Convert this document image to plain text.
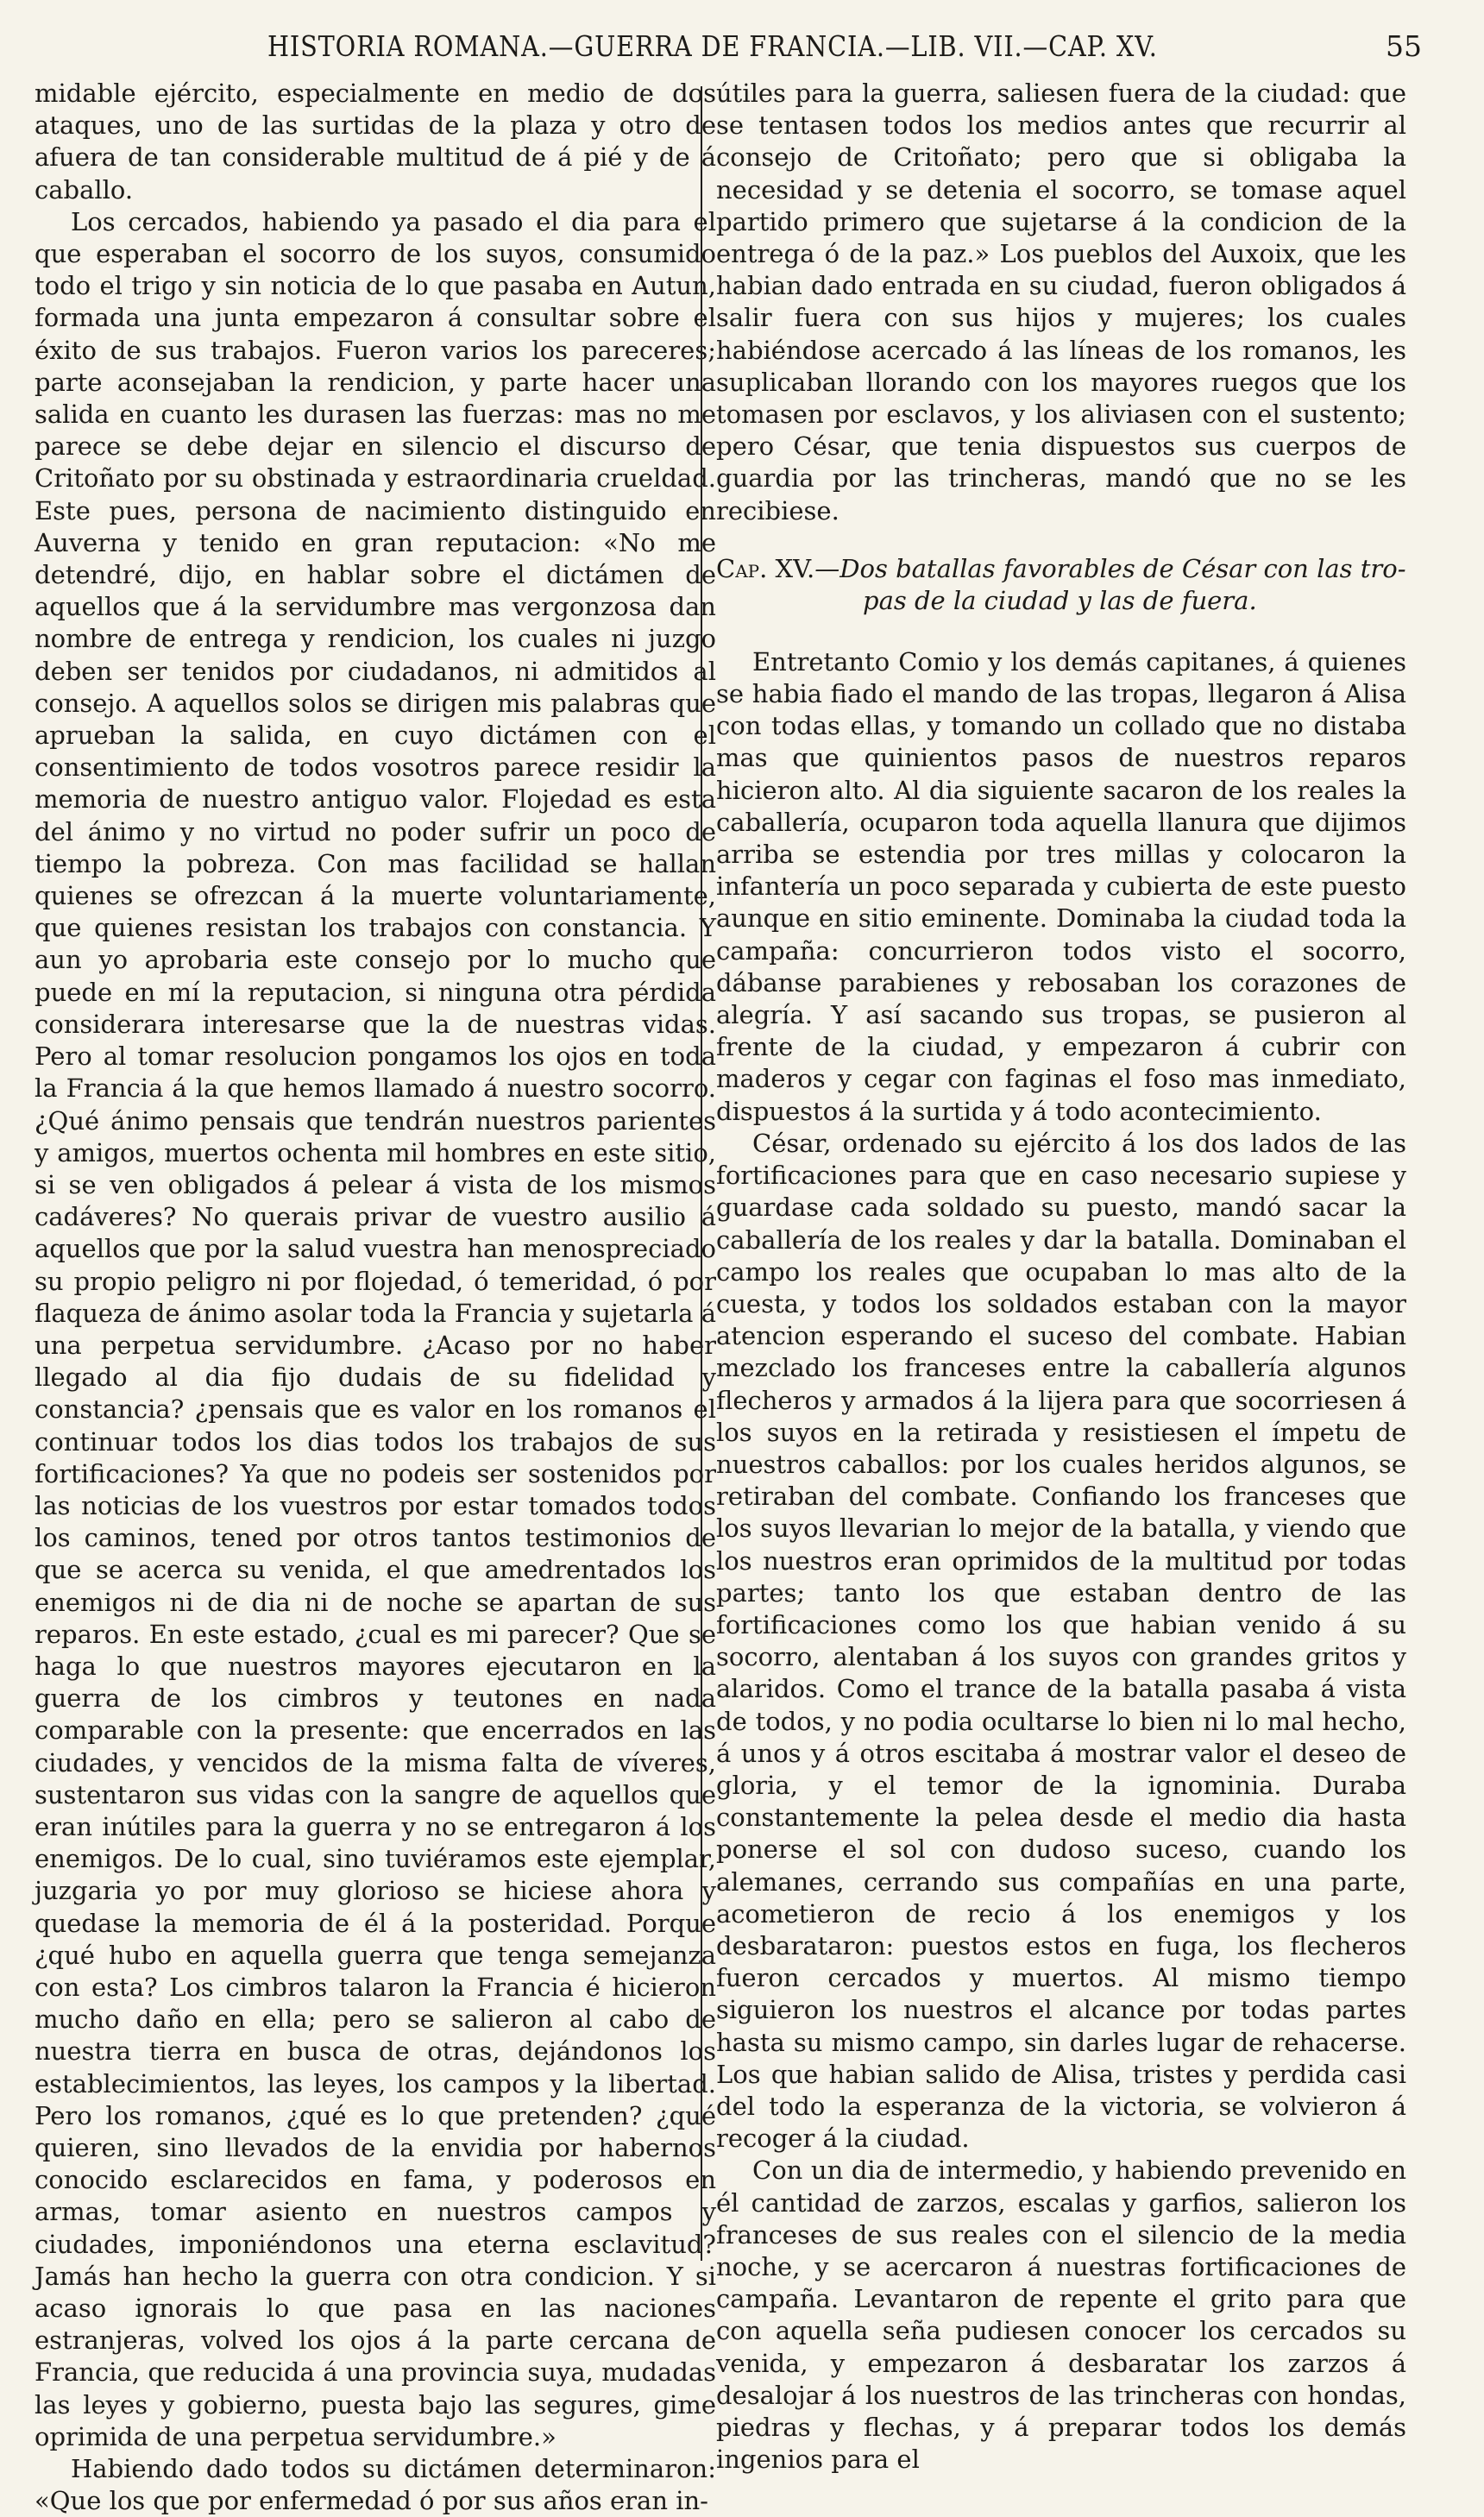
HISTORIA ROMANA.—GUERRA DE FRANCIA.—LIB. VII.—CAP. XV.	55

midable ejército, especialmente en medio de dos ataques, uno de las surtidas de la plaza y otro de afuera de tan considerable multitud de á pié y de á caballo.

Los cercados, habiendo ya pasado el dia para el que esperaban el socorro de los suyos, consumido todo el trigo y sin noticia de lo que pasaba en Autun, formada una junta empezaron á consultar sobre el éxito de sus trabajos. Fueron varios los pareceres; parte aconsejaban la rendicion, y parte hacer una salida en cuanto les durasen las fuerzas: mas no me parece se debe dejar en silencio el discurso de Critoñato por su obstinada y estraordinaria crueldad. Este pues, persona de nacimiento distinguido en Auverna y tenido en gran reputacion: «No me detendré, dijo, en hablar sobre el dictámen de aquellos que á la servidumbre mas vergonzosa dan nombre de entrega y rendicion, los cuales ni juzgo deben ser tenidos por ciudadanos, ni admitidos al consejo. A aquellos solos se dirigen mis palabras que aprueban la salida, en cuyo dictámen con el consentimiento de todos vosotros parece residir la memoria de nuestro antiguo valor. Flojedad es esta del ánimo y no virtud no poder sufrir un poco de tiempo la pobreza. Con mas facilidad se hallan quienes se ofrezcan á la muerte voluntariamente, que quienes resistan los trabajos con constancia. Y aun yo aprobaria este consejo por lo mucho que puede en mí la reputacion, si ninguna otra pérdida considerara interesarse que la de nuestras vidas. Pero al tomar resolucion pongamos los ojos en toda la Francia á la que hemos llamado á nuestro socorro. ¿Qué ánimo pensais que tendrán nuestros parientes y amigos, muertos ochenta mil hombres en este sitio, si se ven obligados á pelear á vista de los mismos cadáveres? No querais privar de vuestro ausilio á aquellos que por la salud vuestra han menospreciado su propio peligro ni por flojedad, ó temeridad, ó por flaqueza de ánimo asolar toda la Francia y sujetarla á una perpetua servidumbre. ¿Acaso por no haber llegado al dia fijo dudais de su fidelidad y constancia? ¿pensais que es valor en los romanos el continuar todos los dias todos los trabajos de sus fortificaciones? Ya que no podeis ser sostenidos por las noticias de los vuestros por estar tomados todos los caminos, tened por otros tantos testimonios de que se acerca su venida, el que amedrentados los enemigos ni de dia ni de noche se apartan de sus reparos. En este estado, ¿cual es mi parecer? Que se haga lo que nuestros mayores ejecutaron en la guerra de los cimbros y teutones en nada comparable con la presente: que encerrados en las ciudades, y vencidos de la misma falta de víveres, sustentaron sus vidas con la sangre de aquellos que eran inútiles para la guerra y no se entregaron á los enemigos. De lo cual, sino tuviéramos este ejemplar, juzgaria yo por muy glorioso se hiciese ahora y quedase la memoria de él á la posteridad. Porque ¿qué hubo en aquella guerra que tenga semejanza con esta? Los cimbros talaron la Francia é hicieron mucho daño en ella; pero se salieron al cabo de nuestra tierra en busca de otras, dejándonos los establecimientos, las leyes, los campos y la libertad. Pero los romanos, ¿qué es lo que pretenden? ¿qué quieren, sino llevados de la envidia por habernos conocido esclarecidos en fama, y poderosos en armas, tomar asiento en nuestros campos y ciudades, imponiéndonos una eterna esclavitud? Jamás han hecho la guerra con otra condicion. Y si acaso ignorais lo que pasa en las naciones estranjeras, volved los ojos á la parte cercana de Francia, que reducida á una provincia suya, mudadas las leyes y gobierno, puesta bajo las segures, gime oprimida de una perpetua servidumbre.»

Habiendo dado todos su dictámen determinaron: «Que los que por enfermedad ó por sus años eran in-

útiles para la guerra, saliesen fuera de la ciudad: que se tentasen todos los medios antes que recurrir al consejo de Critoñato; pero que si obligaba la necesidad y se detenia el socorro, se tomase aquel partido primero que sujetarse á la condicion de la entrega ó de la paz.» Los pueblos del Auxoix, que les habian dado entrada en su ciudad, fueron obligados á salir fuera con sus hijos y mujeres; los cuales habiéndose acercado á las líneas de los romanos, les suplicaban llorando con los mayores ruegos que los tomasen por esclavos, y los aliviasen con el sustento; pero César, que tenia dispuestos sus cuerpos de guardia por las trincheras, mandó que no se les recibiese.

Cap. XV.—Dos batallas favorables de César con las tro-
pas de la ciudad y las de fuera.

Entretanto Comio y los demás capitanes, á quienes se habia fiado el mando de las tropas, llegaron á Alisa con todas ellas, y tomando un collado que no distaba mas que quinientos pasos de nuestros reparos hicieron alto. Al dia siguiente sacaron de los reales la caballería, ocuparon toda aquella llanura que dijimos arriba se estendia por tres millas y colocaron la infantería un poco separada y cubierta de este puesto aunque en sitio eminente. Dominaba la ciudad toda la campaña: concurrieron todos visto el socorro, dábanse parabienes y rebosaban los corazones de alegría. Y así sacando sus tropas, se pusieron al frente de la ciudad, y empezaron á cubrir con maderos y cegar con faginas el foso mas inmediato, dispuestos á la surtida y á todo acontecimiento.

César, ordenado su ejército á los dos lados de las fortificaciones para que en caso necesario supiese y guardase cada soldado su puesto, mandó sacar la caballería de los reales y dar la batalla. Dominaban el campo los reales que ocupaban lo mas alto de la cuesta, y todos los soldados estaban con la mayor atencion esperando el suceso del combate. Habian mezclado los franceses entre la caballería algunos flecheros y armados á la lijera para que socorriesen á los suyos en la retirada y resistiesen el ímpetu de nuestros caballos: por los cuales heridos algunos, se retiraban del combate. Confiando los franceses que los suyos llevarian lo mejor de la batalla, y viendo que los nuestros eran oprimidos de la multitud por todas partes; tanto los que estaban dentro de las fortificaciones como los que habian venido á su socorro, alentaban á los suyos con grandes gritos y alaridos. Como el trance de la batalla pasaba á vista de todos, y no podia ocultarse lo bien ni lo mal hecho, á unos y á otros escitaba á mostrar valor el deseo de gloria, y el temor de la ignominia. Duraba constantemente la pelea desde el medio dia hasta ponerse el sol con dudoso suceso, cuando los alemanes, cerrando sus compañías en una parte, acometieron de recio á los enemigos y los desbarataron: puestos estos en fuga, los flecheros fueron cercados y muertos. Al mismo tiempo siguieron los nuestros el alcance por todas partes hasta su mismo campo, sin darles lugar de rehacerse. Los que habian salido de Alisa, tristes y perdida casi del todo la esperanza de la victoria, se volvieron á recoger á la ciudad.

Con un dia de intermedio, y habiendo prevenido en él cantidad de zarzos, escalas y garfios, salieron los franceses de sus reales con el silencio de la media noche, y se acercaron á nuestras fortificaciones de campaña. Levantaron de repente el grito para que con aquella seña pudiesen conocer los cercados su venida, y empezaron á desbaratar los zarzos á desalojar á los nuestros de las trincheras con hondas, piedras y flechas, y á preparar todos los demás ingenios para el
